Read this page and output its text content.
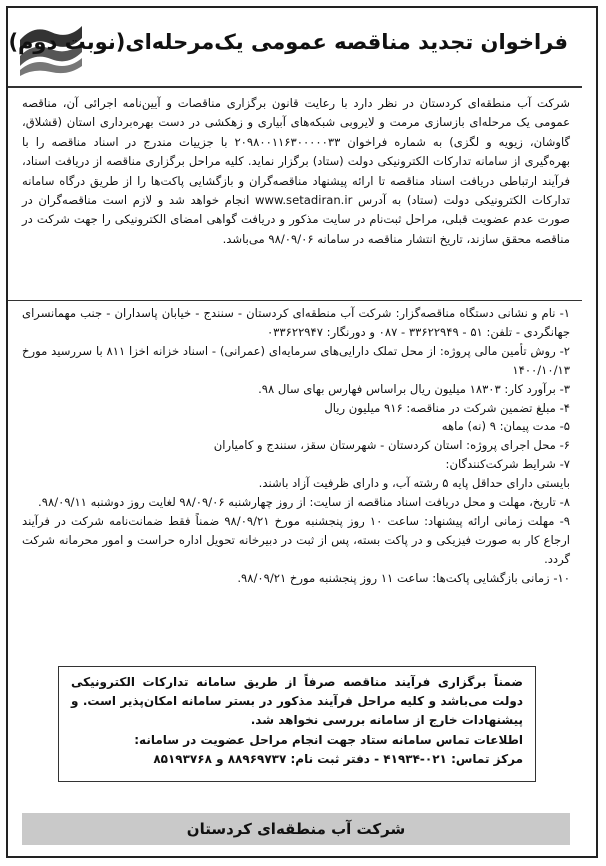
فراخوان تجدید مناقصه عمومی یک‌مرحله‌ای(نوبت دوم)
شرکت آب منطقه‌ای کردستان در نظر دارد با رعایت قانون برگزاری مناقصات و آیین‌نامه اجرائی آن، مناقصه عمومی یک مرحله‌ای بازسازی مرمت و لایروبی شبکه‌های آبیاری و زهکشی در دست بهره‌برداری استان (قشلاق، گاوشان، زیویه و لگزی) به شماره فراخوان ۲۰۹۸۰۰۱۱۶۳۰۰۰۰۰۳۳ با جزییات مندرج در اسناد مناقصه را با بهره‌گیری از سامانه تدارکات الکترونیکی دولت (ستاد) برگزار نماید. کلیه مراحل برگزاری مناقصه از دریافت اسناد، فرآیند ارتباطی دریافت اسناد مناقصه تا ارائه پیشنهاد مناقصه‌گران و بازگشایی پاکت‌ها را از طریق درگاه سامانه تدارکات الکترونیکی دولت (ستاد) به آدرس www.setadiran.ir انجام خواهد شد و لازم است مناقصه‌گران در صورت عدم عضویت قبلی، مراحل ثبت‌نام در سایت مذکور و دریافت گواهی امضای الکترونیکی را جهت شرکت در مناقصه محقق سازند، تاریخ انتشار مناقصه در سامانه ۹۸/۰۹/۰۶ می‌باشد.

۱- نام و نشانی دستگاه مناقصه‌گزار: شرکت آب منطقه‌ای کردستان - سنندج - خیابان پاسداران - جنب مهمانسرای جهانگردی - تلفن: ۵۱ - ۳۳۶۲۲۹۴۹ - ۰۸۷ و دورنگار: ۰۳۳۶۲۲۹۴۷

۲- روش تأمین مالی پروژه: از محل تملک دارایی‌های سرمایه‌ای (عمرانی) - اسناد خزانه اخزا ۸۱۱ با سررسید مورخ ۱۴۰۰/۱۰/۱۳

۳- برآورد کار: ۱۸۳۰۳ میلیون ریال براساس فهارس بهای سال ۹۸.

۴- مبلغ تضمین شرکت در مناقصه: ۹۱۶ میلیون ریال

۵- مدت پیمان: ۹ (نه) ماهه

۶- محل اجرای پروژه: استان کردستان - شهرستان سقز، سنندج و کامیاران

۷- شرایط شرکت‌کنندگان:

بایستی دارای حداقل پایه ۵ رشته آب، و دارای ظرفیت آزاد باشند.

۸- تاریخ، مهلت و محل دریافت اسناد مناقصه از سایت: از روز چهارشنبه ۹۸/۰۹/۰۶ لغایت روز دوشنبه ۹۸/۰۹/۱۱.

۹- مهلت زمانی ارائه پیشنهاد: ساعت ۱۰ روز پنجشنبه مورخ ۹۸/۰۹/۲۱ ضمناً فقط ضمانت‌نامه شرکت در فرآیند ارجاع کار به صورت فیزیکی و در پاکت بسته، پس از ثبت در دبیرخانه تحویل اداره حراست و امور محرمانه شرکت گردد.

۱۰- زمانی بازگشایی پاکت‌ها: ساعت ۱۱ روز پنجشنبه مورخ ۹۸/۰۹/۲۱.

ضمناً برگزاری فرآیند مناقصه صرفاً از طریق سامانه تدارکات الکترونیکی دولت می‌باشد و کلیه مراحل فرآیند مذکور در بستر سامانه امکان‌پذیر است. و پیشنهادات خارج از سامانه بررسی نخواهد شد.

اطلاعات تماس سامانه ستاد جهت انجام مراحل عضویت در سامانه:

مرکز تماس: ۰۲۱-۴۱۹۳۴ - دفتر ثبت نام: ۸۸۹۶۹۷۳۷ و ۸۵۱۹۳۷۶۸

شرکت آب منطقه‌ای کردستان
